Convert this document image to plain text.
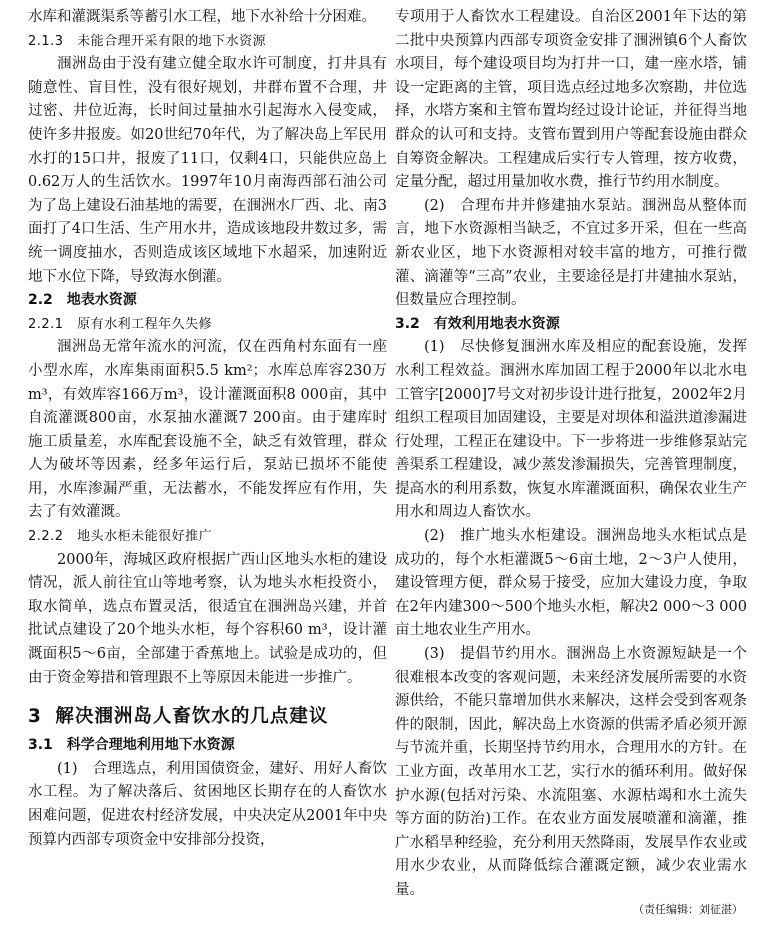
水库和灌溉渠系等蓄引水工程，地下水补给十分困难。

2.1.3　未能合理开采有限的地下水资源

涠洲岛由于没有建立健全取水许可制度，打井具有随意性、盲目性，没有很好规划，井群布置不合理，井过密、井位近海，长时间过量抽水引起海水入侵变咸，使许多井报废。如20世纪70年代，为了解决岛上军民用水打的15口井，报废了11口，仅剩4口，只能供应岛上0.62万人的生活饮水。1997年10月南海西部石油公司为了岛上建设石油基地的需要，在涠洲水厂西、北、南3面打了4口生活、生产用水井，造成该地段井数过多，需统一调度抽水，否则造成该区域地下水超采，加速附近地下水位下降，导致海水倒灌。

2.2　地表水资源

2.2.1　原有水利工程年久失修

涠洲岛无常年流水的河流，仅在西角村东面有一座小型水库，水库集雨面积5.5 km²；水库总库容230万m³，有效库容166万m³，设计灌溉面积8 000亩，其中自流灌溉800亩，水泵抽水灌溉7 200亩。由于建库时施工质量差，水库配套设施不全，缺乏有效管理，群众人为破坏等因素，经多年运行后，泵站已损坏不能使用，水库渗漏严重，无法蓄水，不能发挥应有作用，失去了有效灌溉。

2.2.2　地头水柜未能很好推广

2000年，海城区政府根据广西山区地头水柜的建设情况，派人前往宜山等地考察，认为地头水柜投资小，取水简单，选点布置灵活，很适宜在涠洲岛兴建，并首批试点建设了20个地头水柜，每个容积60 m³，设计灌溉面积5～6亩，全部建于香蕉地上。试验是成功的，但由于资金筹措和管理跟不上等原因未能进一步推广。

3 解决涠洲岛人畜饮水的几点建议

3.1　科学合理地利用地下水资源

(1)　合理选点，利用国债资金，建好、用好人畜饮水工程。为了解决落后、贫困地区长期存在的人畜饮水困难问题，促进农村经济发展，中央决定从2001年中央预算内西部专项资金中安排部分投资，

专项用于人畜饮水工程建设。自治区2001年下达的第二批中央预算内西部专项资金安排了涠洲镇6个人畜饮水项目，每个建设项目均为打井一口，建一座水塔，铺设一定距离的主管，项目选点经过地多次察勘，井位选择，水塔方案和主管布置均经过设计论证，并征得当地群众的认可和支持。支管布置到用户等配套设施由群众自筹资金解决。工程建成后实行专人管理，按方收费，定量分配，超过用量加收水费，推行节约用水制度。

(2)　合理布井并修建抽水泵站。涠洲岛从整体而言，地下水资源相当缺乏，不宜过多开采，但在一些高新农业区，地下水资源相对较丰富的地方，可推行微灌、滴灌等“三高”农业，主要途径是打井建抽水泵站，但数量应合理控制。

3.2　有效利用地表水资源

(1)　尽快修复涠洲水库及相应的配套设施，发挥水利工程效益。涠洲水库加固工程于2000年以北水电工管字[2000]7号文对初步设计进行批复，2002年2月组织工程项目加固建设，主要是对坝体和溢洪道渗漏进行处理，工程正在建设中。下一步将进一步维修泵站完善渠系工程建设，减少蒸发渗漏损失，完善管理制度，提高水的利用系数，恢复水库灌溉面积，确保农业生产用水和周边人畜饮水。

(2)　推广地头水柜建设。涠洲岛地头水柜试点是成功的，每个水柜灌溉5～6亩土地，2～3户人使用，建设管理方便，群众易于接受，应加大建设力度，争取在2年内建300～500个地头水柜，解决2 000～3 000亩土地农业生产用水。

(3)　提倡节约用水。涠洲岛上水资源短缺是一个很难根本改变的客观问题，未来经济发展所需要的水资源供给，不能只靠增加供水来解决，这样会受到客观条件的限制，因此，解决岛上水资源的供需矛盾必须开源与节流并重，长期坚持节约用水，合理用水的方针。在工业方面，改革用水工艺，实行水的循环利用。做好保护水源(包括对污染、水流阻塞、水源枯竭和水土流失等方面的防治)工作。在农业方面发展喷灌和滴灌，推广水稻旱种经验，充分利用天然降雨，发展旱作农业或用水少农业，从而降低综合灌溉定额，减少农业需水量。

（责任编辑：刘征湛）
